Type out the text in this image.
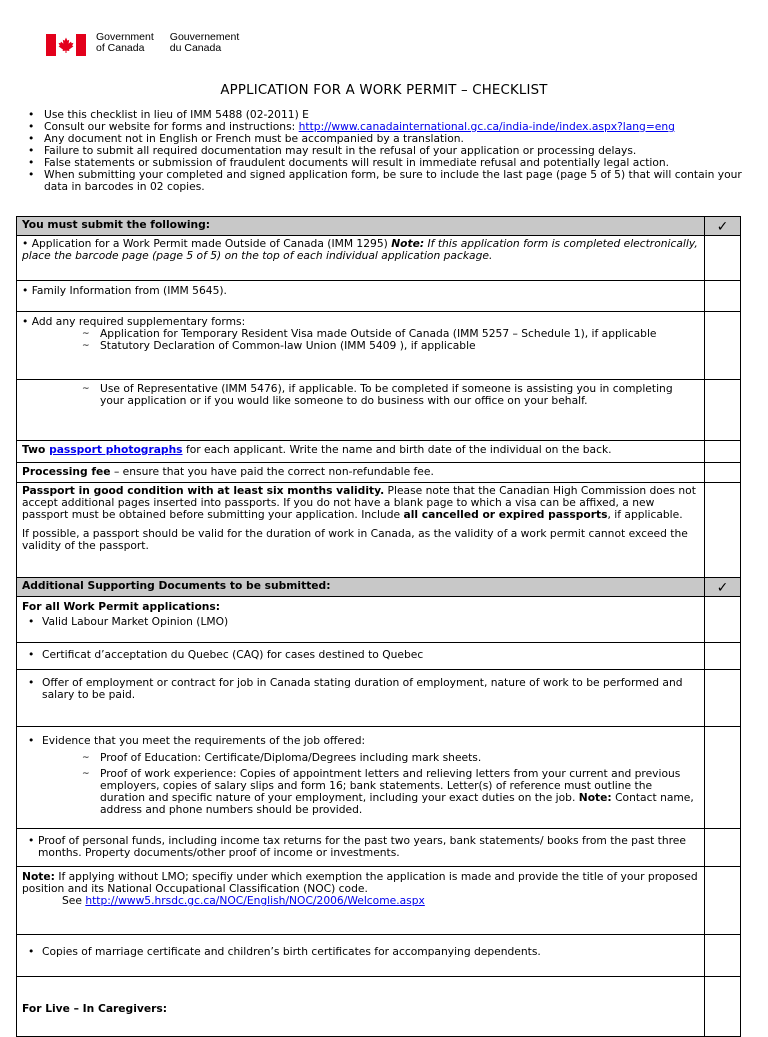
Government
of Canada
Gouvernement
du Canada
APPLICATION FOR A WORK PERMIT – CHECKLIST
• Use this checklist in lieu of IMM 5488 (02-2011) E
• Consult our website for forms and instructions: http://www.canadainternational.gc.ca/india-inde/index.aspx?lang=eng
• Any document not in English or French must be accompanied by a translation.
• Failure to submit all required documentation may result in the refusal of your application or processing delays.
• False statements or submission of fraudulent documents will result in immediate refusal and potentially legal action.
• When submitting your completed and signed application form, be sure to include the last page (page 5 of 5) that will contain your data in barcodes in 02 copies.
You must submit the following:	✓
• Application for a Work Permit made Outside of Canada (IMM 1295) Note: If this application form is completed electronically, place the barcode page (page 5 of 5) on the top of each individual application package.	
• Family Information from (IMM 5645).	

• Add any required supplementary forms:
~ Application for Temporary Resident Visa made Outside of Canada (IMM 5257 – Schedule 1), if applicable
~ Statutory Declaration of Common-law Union (IMM 5409 ), if applicable	

~ Use of Representative (IMM 5476), if applicable. To be completed if someone is assisting you in completing your application or if you would like someone to do business with our office on your behalf.	

Two passport photographs for each applicant. Write the name and birth date of the individual on the back.	
Processing fee – ensure that you have paid the correct non-refundable fee.	

Passport in good condition with at least six months validity. Please note that the Canadian High Commission does not accept additional pages inserted into passports. If you do not have a blank page to which a visa can be affixed, a new passport must be obtained before submitting your application. Include all cancelled or expired passports, if applicable.

If possible, a passport should be valid for the duration of work in Canada, as the validity of a work permit cannot exceed the validity of the passport.	

Additional Supporting Documents to be submitted:	✓

For all Work Permit applications:
• Valid Labour Market Opinion (LMO)

• Certificat d’acceptation du Quebec (CAQ) for cases destined to Quebec

• Offer of employment or contract for job in Canada stating duration of employment, nature of work to be performed and salary to be paid.

• Evidence that you meet the requirements of the job offered:
~ Proof of Education: Certificate/Diploma/Degrees including mark sheets.
~ Proof of work experience: Copies of appointment letters and relieving letters from your current and previous employers, copies of salary slips and form 16; bank statements. Letter(s) of reference must outline the duration and specific nature of your employment, including your exact duties on the job. Note: Contact name, address and phone numbers should be provided.

• Proof of personal funds, including income tax returns for the past two years, bank statements/ books from the past three months. Property documents/other proof of income or investments.

Note: If applying without LMO; specifiy under which exemption the application is made and provide the title of your proposed position and its National Occupational Classification (NOC) code.
See http://www5.hrsdc.gc.ca/NOC/English/NOC/2006/Welcome.aspx	

• Copies of marriage certificate and children’s birth certificates for accompanying dependents.

For Live – In Caregivers:	
